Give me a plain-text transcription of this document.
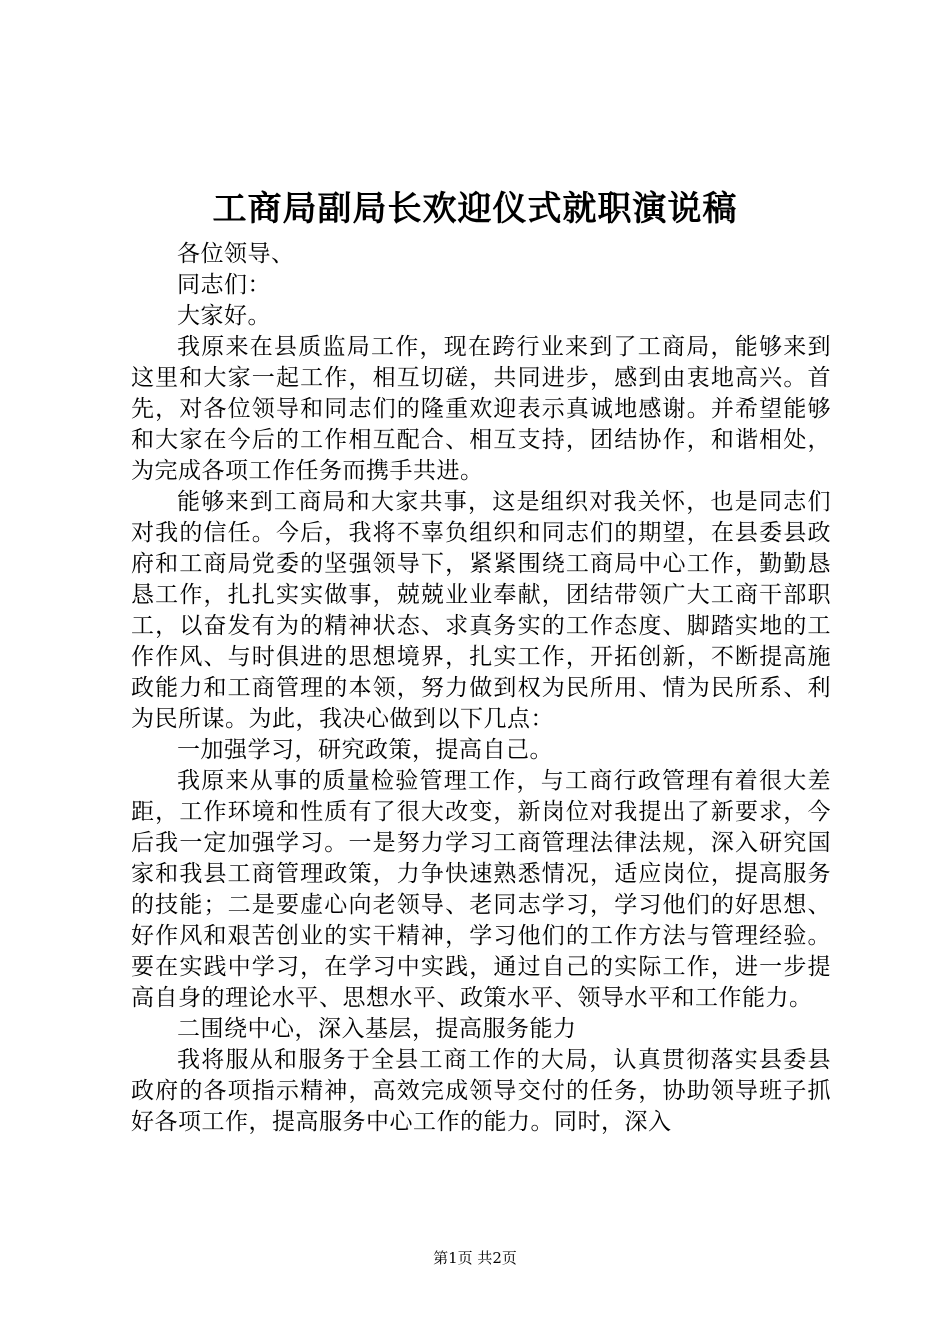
工商局副局长欢迎仪式就职演说稿

各位领导、

同志们：

大家好。

我原来在县质监局工作，现在跨行业来到了工商局，能够来到这里和大家一起工作，相互切磋，共同进步，感到由衷地高兴。首先，对各位领导和同志们的隆重欢迎表示真诚地感谢。并希望能够和大家在今后的工作相互配合、相互支持，团结协作，和谐相处，为完成各项工作任务而携手共进。

能够来到工商局和大家共事，这是组织对我关怀，也是同志们对我的信任。今后，我将不辜负组织和同志们的期望，在县委县政府和工商局党委的坚强领导下，紧紧围绕工商局中心工作，勤勤恳恳工作，扎扎实实做事，兢兢业业奉献，团结带领广大工商干部职工，以奋发有为的精神状态、求真务实的工作态度、脚踏实地的工作作风、与时俱进的思想境界，扎实工作，开拓创新，不断提高施政能力和工商管理的本领，努力做到权为民所用、情为民所系、利为民所谋。为此，我决心做到以下几点：

一加强学习，研究政策，提高自己。

我原来从事的质量检验管理工作，与工商行政管理有着很大差距，工作环境和性质有了很大改变，新岗位对我提出了新要求，今后我一定加强学习。一是努力学习工商管理法律法规，深入研究国家和我县工商管理政策，力争快速熟悉情况，适应岗位，提高服务的技能；二是要虚心向老领导、老同志学习，学习他们的好思想、好作风和艰苦创业的实干精神，学习他们的工作方法与管理经验。要在实践中学习，在学习中实践，通过自己的实际工作，进一步提高自身的理论水平、思想水平、政策水平、领导水平和工作能力。

二围绕中心，深入基层，提高服务能力

我将服从和服务于全县工商工作的大局，认真贯彻落实县委县政府的各项指示精神，高效完成领导交付的任务，协助领导班子抓好各项工作，提高服务中心工作的能力。同时，深入

第1页 共2页
